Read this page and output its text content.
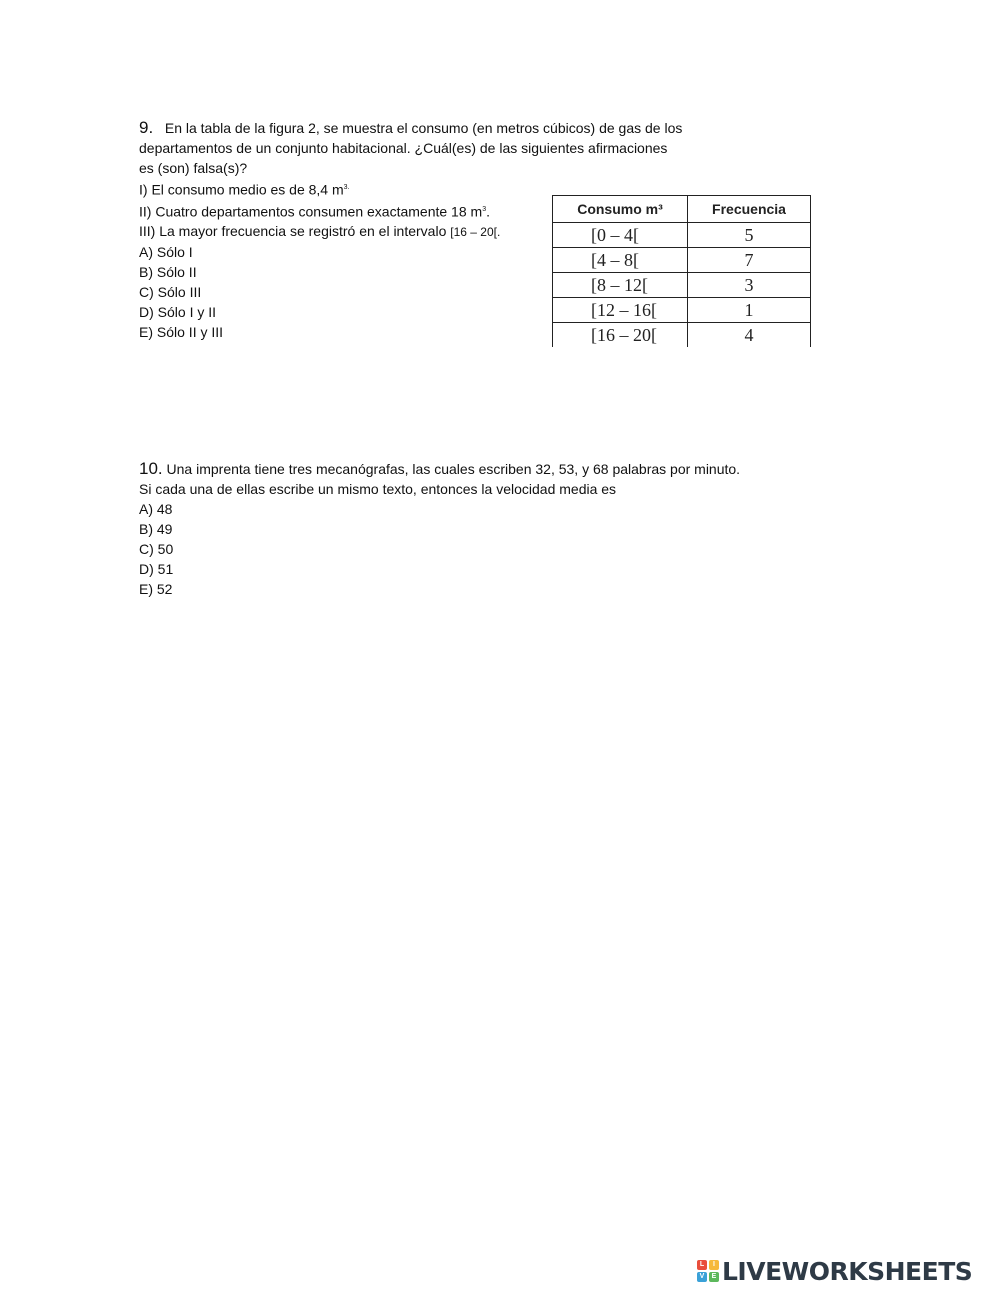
9. En la tabla de la figura 2, se muestra el consumo (en metros cúbicos) de gas de los

departamentos de un conjunto habitacional. ¿Cuál(es) de las siguientes afirmaciones

es (son) falsa(s)?

I) El consumo medio es de 8,4 $m^{3.}$

II) Cuatro departamentos consumen exactamente 18 $m^3$.

III) La mayor frecuencia se registró en el intervalo [16 – 20[.

A) Sólo I

B) Sólo II

C) Sólo III

D) Sólo I y II

E) Sólo II y III

Consumo m³	Frecuencia
[0 – 4[	5
[4 – 8[	7
[8 – 12[	3
[12 – 16[	1
[16 – 20[	4

10. Una imprenta tiene tres mecanógrafas, las cuales escriben 32, 53, y 68 palabras por minuto.

Si cada una de ellas escribe un mismo texto, entonces la velocidad media es

A) 48

B) 49

C) 50

D) 51

E) 52

L	I
V	E LIVEWORKSHEETS
